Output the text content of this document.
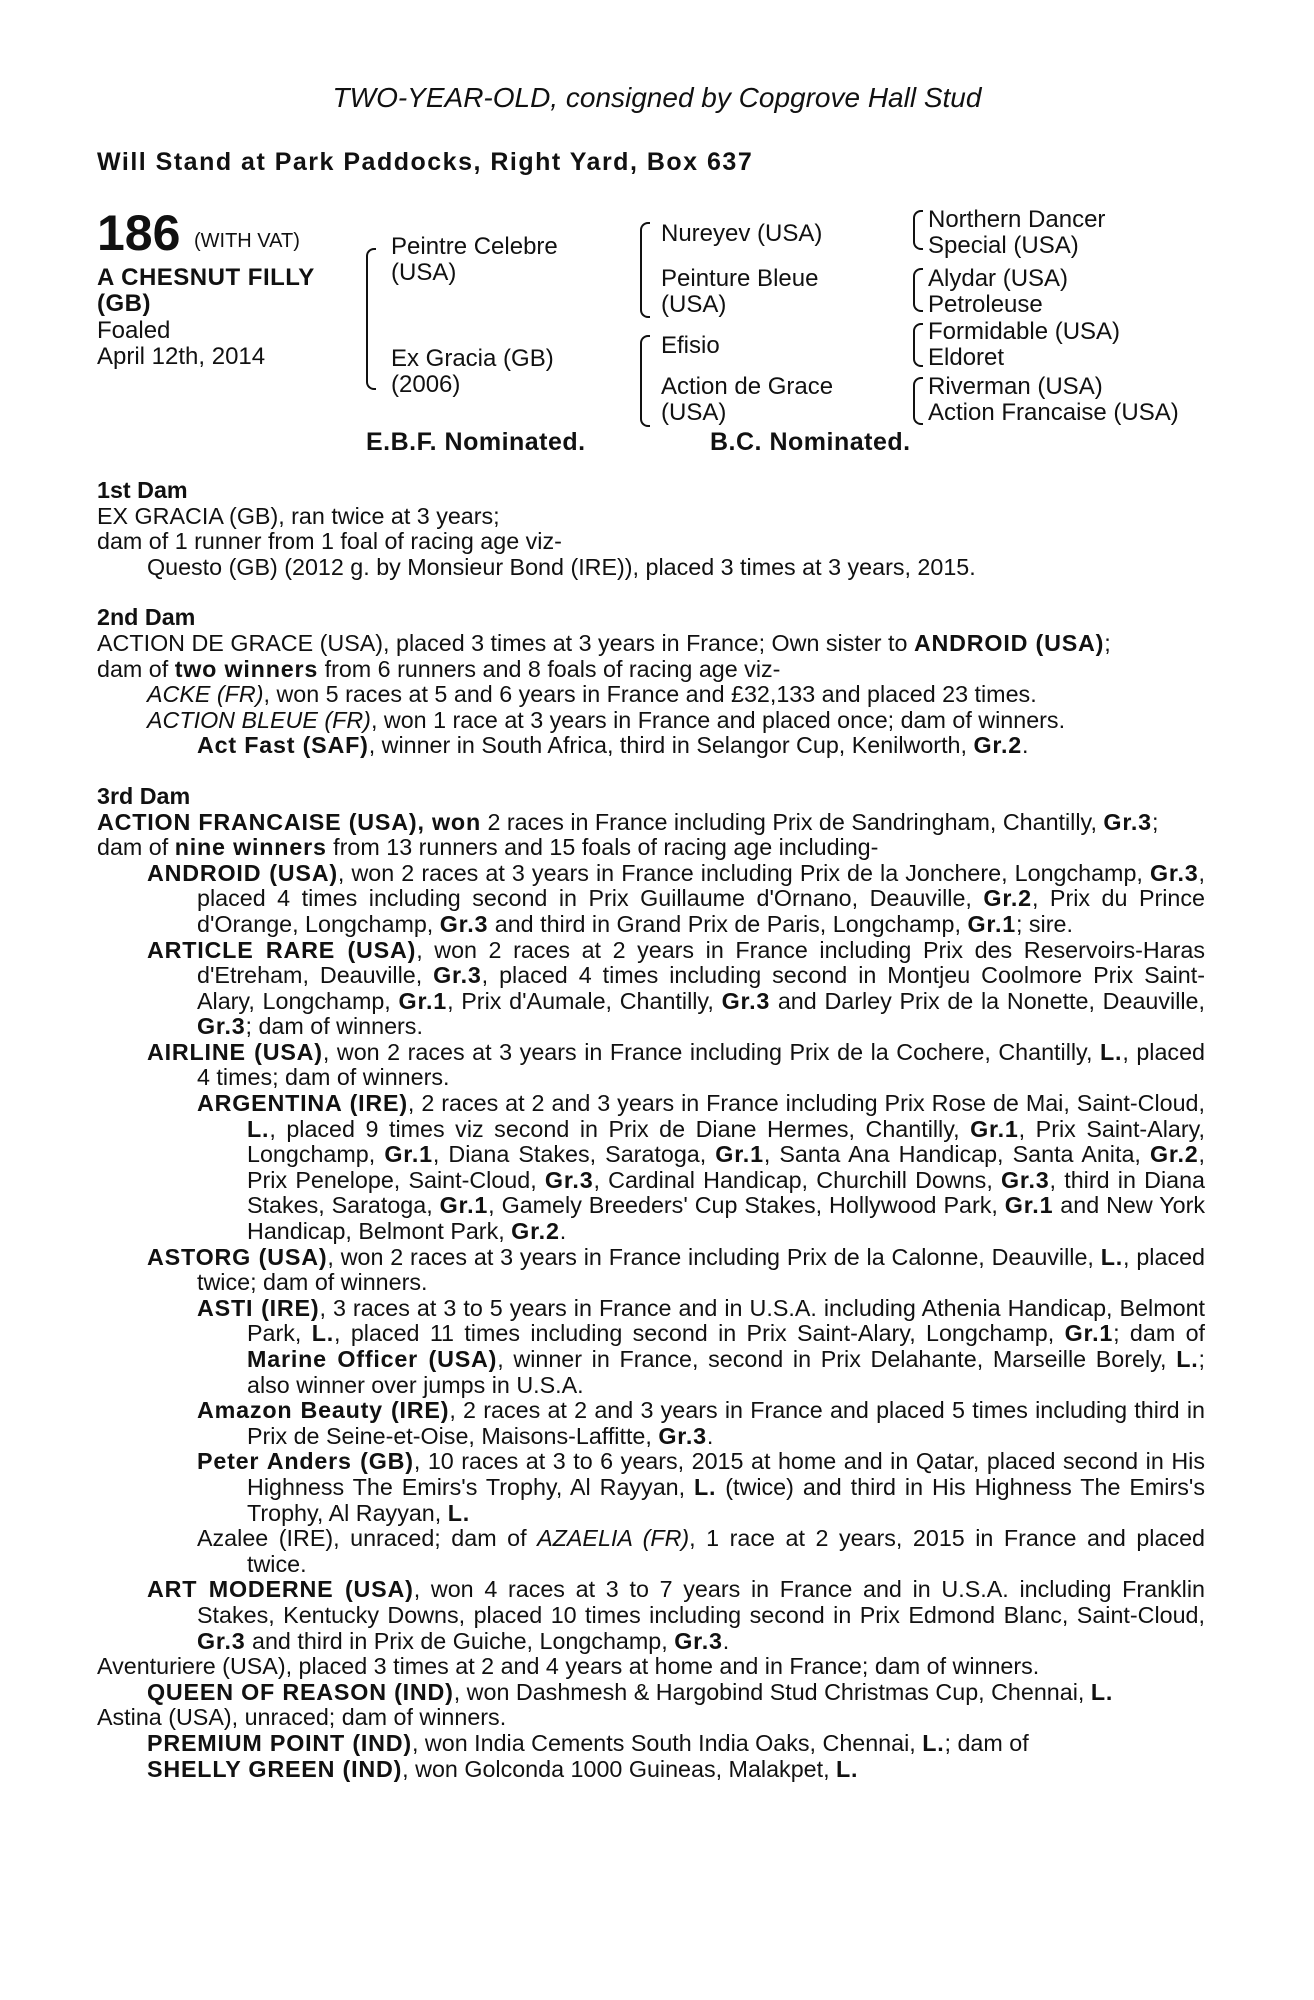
TWO-YEAR-OLD, consigned by Copgrove Hall Stud
Will Stand at Park Paddocks, Right Yard, Box 637
186 (WITH VAT)
A CHESNUT FILLY
(GB)
Foaled
April 12th, 2014
Peintre Celebre
(USA)
Ex Gracia (GB)
(2006)
Nureyev (USA)
Peinture Bleue
(USA)
Efisio
Action de Grace
(USA)
Northern Dancer
Special (USA)
Alydar (USA)
Petroleuse
Formidable (USA)
Eldoret
Riverman (USA)
Action Francaise (USA)
E.B.F. Nominated.	B.C. Nominated.

1st Dam

EX GRACIA (GB), ran twice at 3 years;

dam of 1 runner from 1 foal of racing age viz-

Questo (GB) (2012 g. by Monsieur Bond (IRE)), placed 3 times at 3 years, 2015.

2nd Dam

ACTION DE GRACE (USA), placed 3 times at 3 years in France; Own sister to ANDROID (USA);

dam of two winners from 6 runners and 8 foals of racing age viz-

ACKE (FR), won 5 races at 5 and 6 years in France and £32,133 and placed 23 times.

ACTION BLEUE (FR), won 1 race at 3 years in France and placed once; dam of winners.

Act Fast (SAF), winner in South Africa, third in Selangor Cup, Kenilworth, Gr.2.

3rd Dam

ACTION FRANCAISE (USA), won 2 races in France including Prix de Sandringham, Chantilly, Gr.3;

dam of nine winners from 13 runners and 15 foals of racing age including-

ANDROID (USA), won 2 races at 3 years in France including Prix de la Jonchere, Longchamp, Gr.3, placed 4 times including second in Prix Guillaume d'Ornano, Deauville, Gr.2, Prix du Prince d'Orange, Longchamp, Gr.3 and third in Grand Prix de Paris, Longchamp, Gr.1; sire.

ARTICLE RARE (USA), won 2 races at 2 years in France including Prix des Reservoirs-Haras d'Etreham, Deauville, Gr.3, placed 4 times including second in Montjeu Coolmore Prix Saint-Alary, Longchamp, Gr.1, Prix d'Aumale, Chantilly, Gr.3 and Darley Prix de la Nonette, Deauville, Gr.3; dam of winners.

AIRLINE (USA), won 2 races at 3 years in France including Prix de la Cochere, Chantilly, L., placed 4 times; dam of winners.

ARGENTINA (IRE), 2 races at 2 and 3 years in France including Prix Rose de Mai, Saint-Cloud, L., placed 9 times viz second in Prix de Diane Hermes, Chantilly, Gr.1, Prix Saint-Alary, Longchamp, Gr.1, Diana Stakes, Saratoga, Gr.1, Santa Ana Handicap, Santa Anita, Gr.2, Prix Penelope, Saint-Cloud, Gr.3, Cardinal Handicap, Churchill Downs, Gr.3, third in Diana Stakes, Saratoga, Gr.1, Gamely Breeders' Cup Stakes, Hollywood Park, Gr.1 and New York Handicap, Belmont Park, Gr.2.

ASTORG (USA), won 2 races at 3 years in France including Prix de la Calonne, Deauville, L., placed twice; dam of winners.

ASTI (IRE), 3 races at 3 to 5 years in France and in U.S.A. including Athenia Handicap, Belmont Park, L., placed 11 times including second in Prix Saint-Alary, Longchamp, Gr.1; dam of Marine Officer (USA), winner in France, second in Prix Delahante, Marseille Borely, L.; also winner over jumps in U.S.A.

Amazon Beauty (IRE), 2 races at 2 and 3 years in France and placed 5 times including third in Prix de Seine-et-Oise, Maisons-Laffitte, Gr.3.

Peter Anders (GB), 10 races at 3 to 6 years, 2015 at home and in Qatar, placed second in His Highness The Emirs's Trophy, Al Rayyan, L. (twice) and third in His Highness The Emirs's Trophy, Al Rayyan, L.

Azalee (IRE), unraced; dam of AZAELIA (FR), 1 race at 2 years, 2015 in France and placed twice.

ART MODERNE (USA), won 4 races at 3 to 7 years in France and in U.S.A. including Franklin Stakes, Kentucky Downs, placed 10 times including second in Prix Edmond Blanc, Saint-Cloud, Gr.3 and third in Prix de Guiche, Longchamp, Gr.3.

Aventuriere (USA), placed 3 times at 2 and 4 years at home and in France; dam of winners.

QUEEN OF REASON (IND), won Dashmesh & Hargobind Stud Christmas Cup, Chennai, L.

Astina (USA), unraced; dam of winners.

PREMIUM POINT (IND), won India Cements South India Oaks, Chennai, L.; dam of

SHELLY GREEN (IND), won Golconda 1000 Guineas, Malakpet, L.
